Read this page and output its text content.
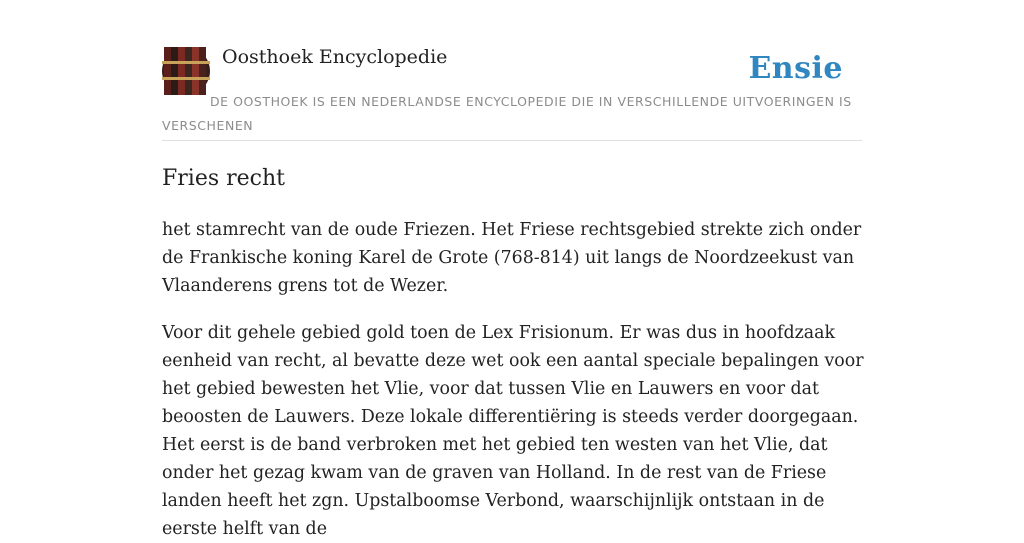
Oosthoek Encyclopedie	Ensie
DE OOSTHOEK IS EEN NEDERLANDSE ENCYCLOPEDIE DIE IN VERSCHILLENDE UITVOERINGEN IS VERSCHENEN
Fries recht

het stamrecht van de oude Friezen. Het Friese rechtsgebied strekte zich onder de Frankische koning Karel de Grote (768-814) uit langs de Noordzeekust van Vlaanderens grens tot de Wezer.

Voor dit gehele gebied gold toen de Lex Frisionum. Er was dus in hoofdzaak eenheid van recht, al bevatte deze wet ook een aantal speciale bepalingen voor het gebied bewesten het Vlie, voor dat tussen Vlie en Lauwers en voor dat beoosten de Lauwers. Deze lokale differentiëring is steeds verder doorgegaan. Het eerst is de band verbroken met het gebied ten westen van het Vlie, dat onder het gezag kwam van de graven van Holland. In de rest van de Friese landen heeft het zgn. Upstalboomse Verbond, waarschijnlijk ontstaan in de eerste helft van de
